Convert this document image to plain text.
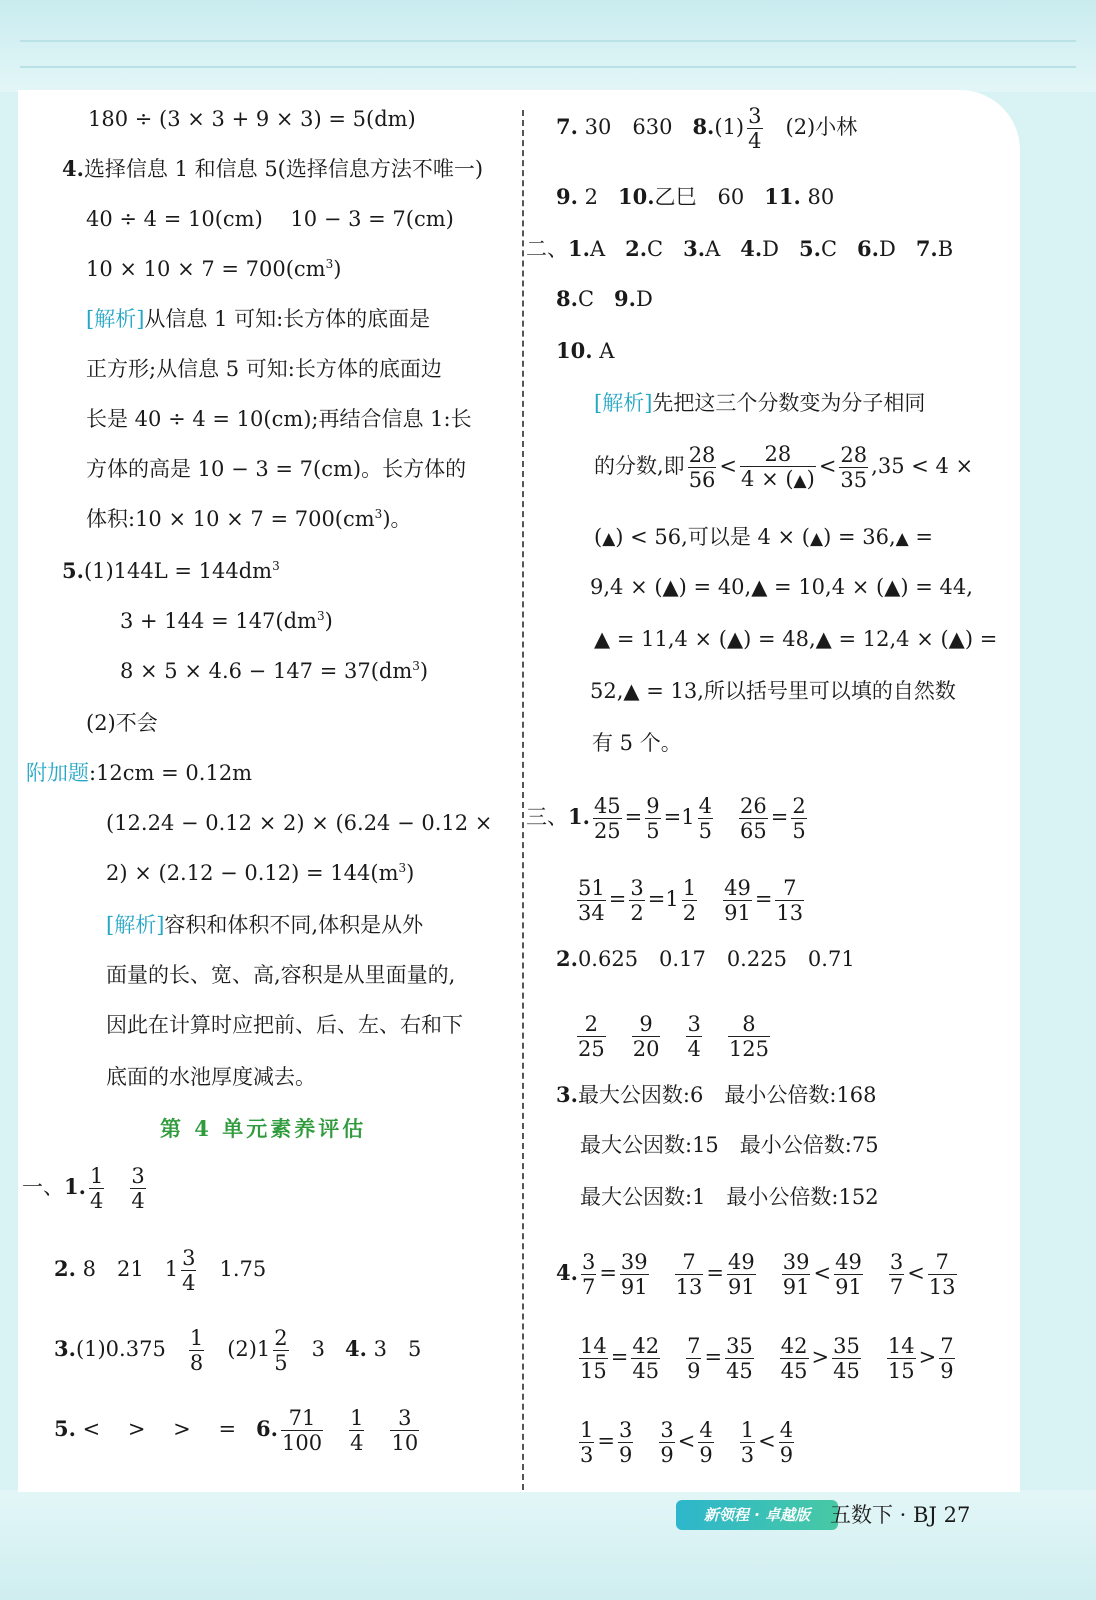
180 ÷ (3 × 3 + 9 × 3) = 5(dm)
4.选择信息 1 和信息 5(选择信息方法不唯一)
40 ÷ 4 = 10(cm)　 10 − 3 = 7(cm)
$10 \times 10 \times 7 = 700(cm^3)$
[解析]从信息 1 可知:长方体的底面是
正方形;从信息 5 可知:长方体的底面边
长是 40 ÷ 4 = 10(cm);再结合信息 1:长
方体的高是 10 − 3 = 7(cm)。长方体的
体积:10 × $10 \times 7 = 700(cm^3)$。
$5.(1)144L = 144dm^3$
$3 + 144 = 147(dm^3)$
$8 \times 5 \times 4.6 - 147 = 37(dm^3)$
(2)不会
附加题:12cm = 0.12m
(12.24 − 0.12 × 2) × (6.24 − 0.12 ×
$2) \times (2.12 - 0.12) = 144(m^3)$
[解析]容积和体积不同,体积是从外
面量的长、宽、高,容积是从里面量的,
因此在计算时应把前、后、左、右和下
底面的水池厚度减去。
第 4 单元素养评估
一、1. $\frac{1}{4} \frac{3}{4}$
2. 8　21　$1 \frac{3}{4} 1.75$
$3.(1)0.375 \frac{1}{8} (2)1 \frac{2}{5} 3$ 4. 3　5
5. <　 >　 >　 = 6. $\frac{71}{100} \frac{1}{4} \frac{3}{10}$
7. 30　630 $8.(1) \frac{3}{4} (2)$小林
9. 2 10.乙巳　60 11. 80
二、1.A 2.C 3.A 4.D 5.C 6.D 7.B
8.C 9.D
10. A
[解析]先把这三个分数变为分子相同
的分数,即 $\frac{28}{56} < \frac{28}{4 \times (▲)} < \frac{28}{35} ,35 < 4$ ×
(▲) < 56,可以是 4 × (▲) = 36,▲ =
9,4 × (▲) = 40,▲ = 10,4 × (▲) = 44,
▲ = 11,4 × (▲) = 48,▲ = 12,4 × (▲) =
52,▲ = 13,所以括号里可以填的自然数
有 5 个。
三、1. $\frac{45}{25} = \frac{9}{5} =1 \frac{4}{5} \frac{26}{65} = \frac{2}{5}$
$\frac{51}{34} = \frac{3}{2} =1 \frac{1}{2} \frac{49}{91} = \frac{7}{13}$
2.0.625　0.17　0.225　0.71
$\frac{2}{25} \frac{9}{20} \frac{3}{4} \frac{8}{125}$
3.最大公因数:6　最小公倍数:168
最大公因数:15　最小公倍数:75
最大公因数:1　最小公倍数:152
4. $\frac{3}{7} = \frac{39}{91} \frac{7}{13} = \frac{49}{91} \frac{39}{91} < \frac{49}{91} \frac{3}{7} < \frac{7}{13}$
$\frac{14}{15} = \frac{42}{45} \frac{7}{9} = \frac{35}{45} \frac{42}{45} > \frac{35}{45} \frac{14}{15} > \frac{7}{9}$
$\frac{1}{3} = \frac{3}{9} \frac{3}{9} < \frac{4}{9} \frac{1}{3} < \frac{4}{9}$
新领程 · 卓越版 五数下 · BJ 27
